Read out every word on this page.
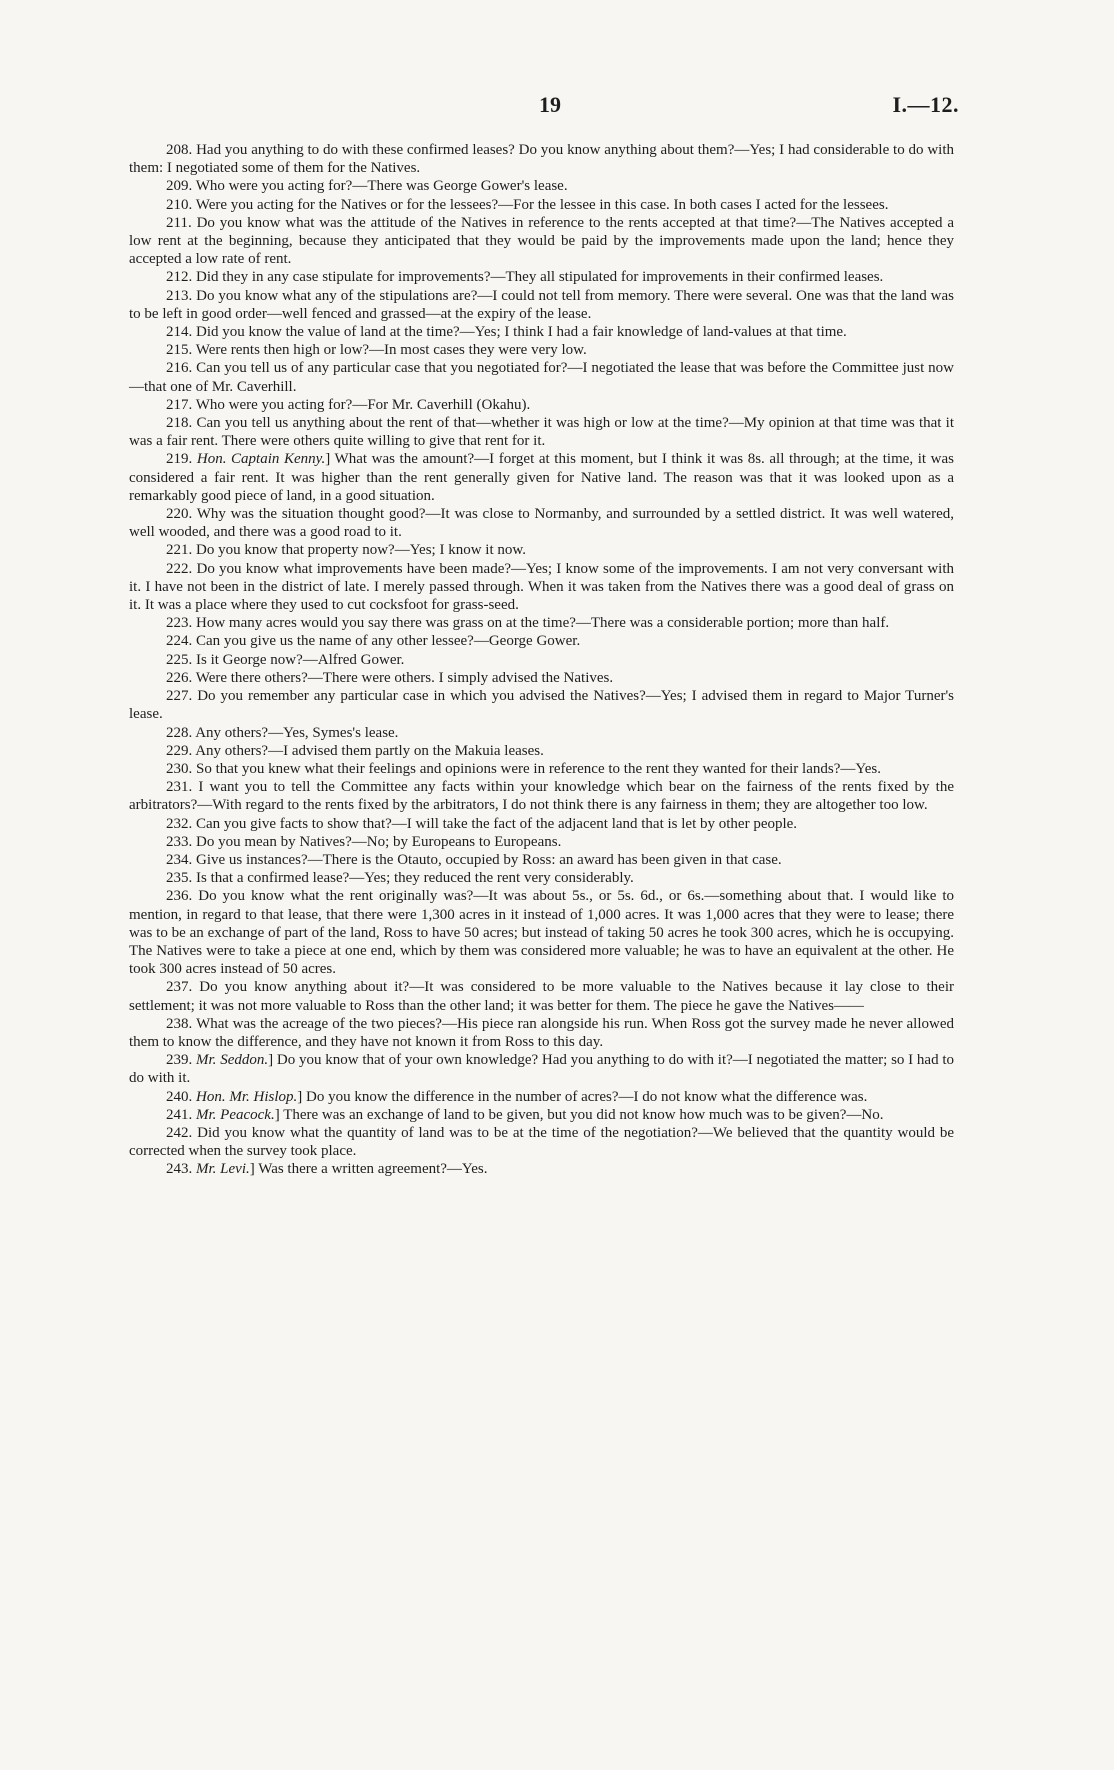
19	I.—12.

208. Had you anything to do with these confirmed leases? Do you know anything about them?—Yes; I had considerable to do with them: I negotiated some of them for the Natives.

209. Who were you acting for?—There was George Gower's lease.

210. Were you acting for the Natives or for the lessees?—For the lessee in this case. In both cases I acted for the lessees.

211. Do you know what was the attitude of the Natives in reference to the rents accepted at that time?—The Natives accepted a low rent at the beginning, because they anticipated that they would be paid by the improvements made upon the land; hence they accepted a low rate of rent.

212. Did they in any case stipulate for improvements?—They all stipulated for improvements in their confirmed leases.

213. Do you know what any of the stipulations are?—I could not tell from memory. There were several. One was that the land was to be left in good order—well fenced and grassed—at the expiry of the lease.

214. Did you know the value of land at the time?—Yes; I think I had a fair knowledge of land-values at that time.

215. Were rents then high or low?—In most cases they were very low.

216. Can you tell us of any particular case that you negotiated for?—I negotiated the lease that was before the Committee just now—that one of Mr. Caverhill.

217. Who were you acting for?—For Mr. Caverhill (Okahu).

218. Can you tell us anything about the rent of that—whether it was high or low at the time?—My opinion at that time was that it was a fair rent. There were others quite willing to give that rent for it.

219. Hon. Captain Kenny.] What was the amount?—I forget at this moment, but I think it was 8s. all through; at the time, it was considered a fair rent. It was higher than the rent generally given for Native land. The reason was that it was looked upon as a remarkably good piece of land, in a good situation.

220. Why was the situation thought good?—It was close to Normanby, and surrounded by a settled district. It was well watered, well wooded, and there was a good road to it.

221. Do you know that property now?—Yes; I know it now.

222. Do you know what improvements have been made?—Yes; I know some of the improvements. I am not very conversant with it. I have not been in the district of late. I merely passed through. When it was taken from the Natives there was a good deal of grass on it. It was a place where they used to cut cocksfoot for grass-seed.

223. How many acres would you say there was grass on at the time?—There was a considerable portion; more than half.

224. Can you give us the name of any other lessee?—George Gower.

225. Is it George now?—Alfred Gower.

226. Were there others?—There were others. I simply advised the Natives.

227. Do you remember any particular case in which you advised the Natives?—Yes; I advised them in regard to Major Turner's lease.

228. Any others?—Yes, Symes's lease.

229. Any others?—I advised them partly on the Makuia leases.

230. So that you knew what their feelings and opinions were in reference to the rent they wanted for their lands?—Yes.

231. I want you to tell the Committee any facts within your knowledge which bear on the fairness of the rents fixed by the arbitrators?—With regard to the rents fixed by the arbitrators, I do not think there is any fairness in them; they are altogether too low.

232. Can you give facts to show that?—I will take the fact of the adjacent land that is let by other people.

233. Do you mean by Natives?—No; by Europeans to Europeans.

234. Give us instances?—There is the Otauto, occupied by Ross: an award has been given in that case.

235. Is that a confirmed lease?—Yes; they reduced the rent very considerably.

236. Do you know what the rent originally was?—It was about 5s., or 5s. 6d., or 6s.—something about that. I would like to mention, in regard to that lease, that there were 1,300 acres in it instead of 1,000 acres. It was 1,000 acres that they were to lease; there was to be an exchange of part of the land, Ross to have 50 acres; but instead of taking 50 acres he took 300 acres, which he is occupying. The Natives were to take a piece at one end, which by them was considered more valuable; he was to have an equivalent at the other. He took 300 acres instead of 50 acres.

237. Do you know anything about it?—It was considered to be more valuable to the Natives because it lay close to their settlement; it was not more valuable to Ross than the other land; it was better for them. The piece he gave the Natives——

238. What was the acreage of the two pieces?—His piece ran alongside his run. When Ross got the survey made he never allowed them to know the difference, and they have not known it from Ross to this day.

239. Mr. Seddon.] Do you know that of your own knowledge? Had you anything to do with it?—I negotiated the matter; so I had to do with it.

240. Hon. Mr. Hislop.] Do you know the difference in the number of acres?—I do not know what the difference was.

241. Mr. Peacock.] There was an exchange of land to be given, but you did not know how much was to be given?—No.

242. Did you know what the quantity of land was to be at the time of the negotiation?—We believed that the quantity would be corrected when the survey took place.

243. Mr. Levi.] Was there a written agreement?—Yes.
